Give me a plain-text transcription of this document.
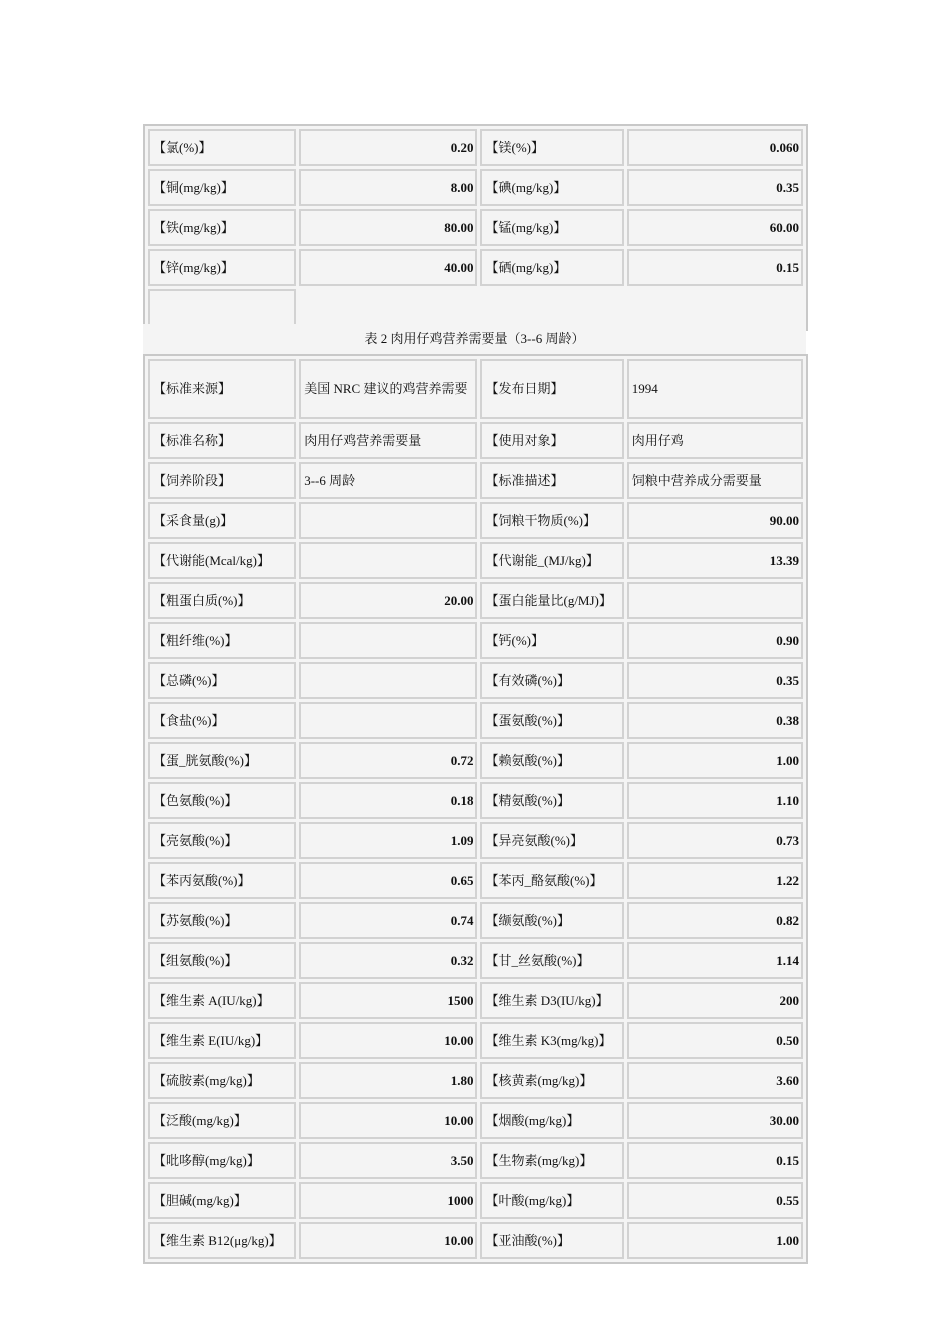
【氯(%)】	0.20	【镁(%)】	0.060
【铜(mg/kg)】	8.00	【碘(mg/kg)】	0.35
【铁(mg/kg)】	80.00	【锰(mg/kg)】	60.00
【锌(mg/kg)】	40.00	【硒(mg/kg)】	0.15

表 2 肉用仔鸡营养需要量（3--6 周龄）
【标准来源】	美国 NRC 建议的鸡营养需要	【发布日期】	1994
【标准名称】	肉用仔鸡营养需要量	【使用对象】	肉用仔鸡
【饲养阶段】	3--6 周龄	【标准描述】	饲粮中营养成分需要量
【采食量(g)】		【饲粮干物质(%)】	90.00
【代谢能(Mcal/kg)】		【代谢能_(MJ/kg)】	13.39
【粗蛋白质(%)】	20.00	【蛋白能量比(g/MJ)】	
【粗纤维(%)】		【钙(%)】	0.90
【总磷(%)】		【有效磷(%)】	0.35
【食盐(%)】		【蛋氨酸(%)】	0.38
【蛋_胱氨酸(%)】	0.72	【赖氨酸(%)】	1.00
【色氨酸(%)】	0.18	【精氨酸(%)】	1.10
【亮氨酸(%)】	1.09	【异亮氨酸(%)】	0.73
【苯丙氨酸(%)】	0.65	【苯丙_酪氨酸(%)】	1.22
【苏氨酸(%)】	0.74	【缬氨酸(%)】	0.82
【组氨酸(%)】	0.32	【甘_丝氨酸(%)】	1.14
【维生素 A(IU/kg)】	1500	【维生素 D3(IU/kg)】	200
【维生素 E(IU/kg)】	10.00	【维生素 K3(mg/kg)】	0.50
【硫胺素(mg/kg)】	1.80	【核黄素(mg/kg)】	3.60
【泛酸(mg/kg)】	10.00	【烟酸(mg/kg)】	30.00
【吡哆醇(mg/kg)】	3.50	【生物素(mg/kg)】	0.15
【胆碱(mg/kg)】	1000	【叶酸(mg/kg)】	0.55
【维生素 B12(μg/kg)】	10.00	【亚油酸(%)】	1.00
